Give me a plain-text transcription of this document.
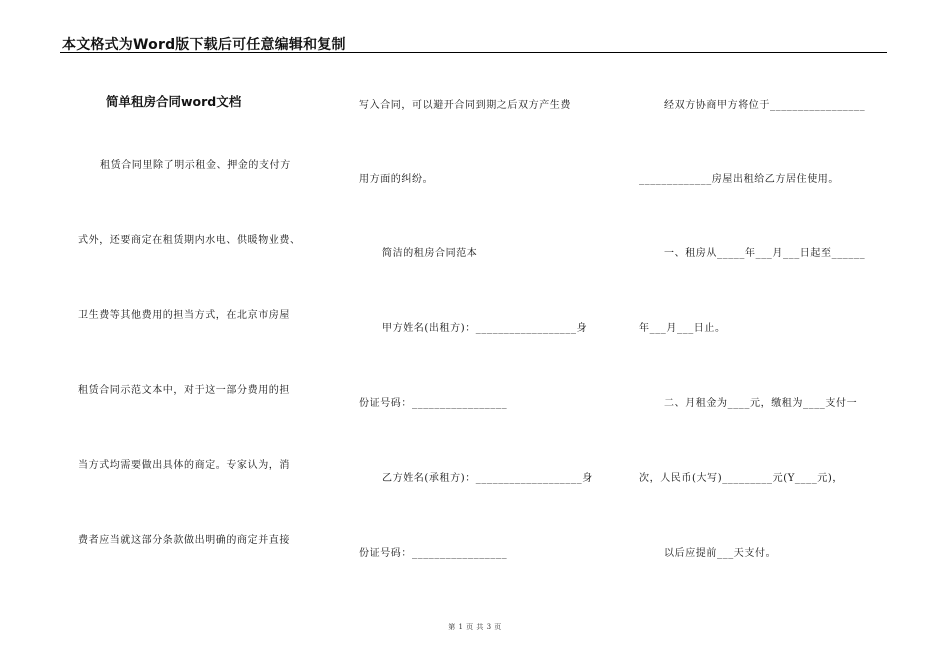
本文格式为Word版下载后可任意编辑和复制
简单租房合同word文档
租赁合同里除了明示租金、押金的支付方
式外，还要商定在租赁期内水电、供暖物业费、
卫生费等其他费用的担当方式，在北京市房屋
租赁合同示范文本中，对于这一部分费用的担
当方式均需要做出具体的商定。专家认为，消
费者应当就这部分条款做出明确的商定并直接
写入合同，可以避开合同到期之后双方产生费
用方面的纠纷。
简洁的租房合同范本
甲方姓名(出租方)：__________________身
份证号码：_________________
乙方姓名(承租方)：___________________身
份证号码：_________________
经双方协商甲方将位于_________________
_____________房屋出租给乙方居住使用。
一、租房从_____年___月___日起至______
年___月___日止。
二、月租金为____元，缴租为____支付一
次，人民币(大写)_________元(Y____元)，
以后应提前___天支付。
第 1 页 共 3 页
